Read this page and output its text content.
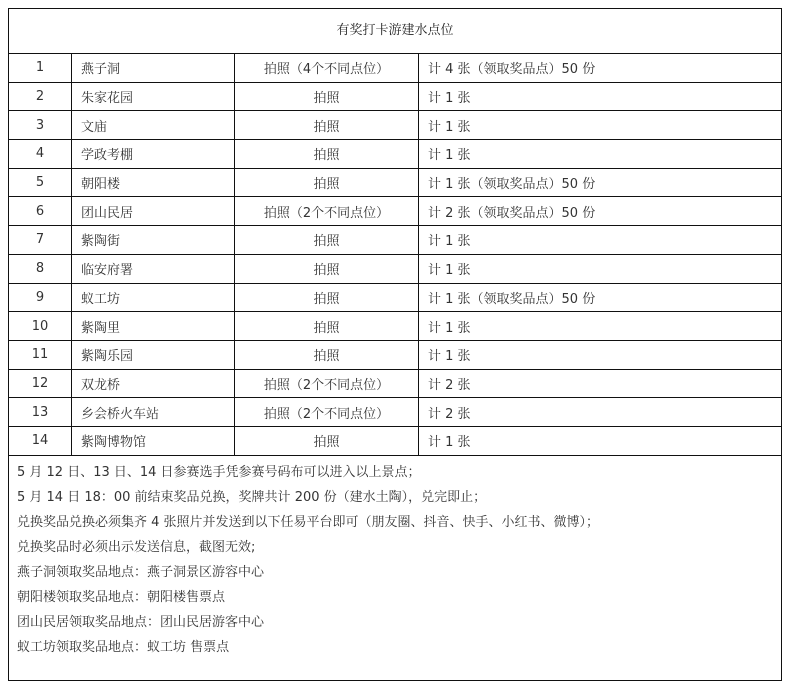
有奖打卡游建水点位
1	燕子洞	拍照（4个不同点位）	计 4 张（领取奖品点）50 份
2	朱家花园	拍照	计 1 张
3	文庙	拍照	计 1 张
4	学政考棚	拍照	计 1 张
5	朝阳楼	拍照	计 1 张（领取奖品点）50 份
6	团山民居	拍照（2个不同点位）	计 2 张（领取奖品点）50 份
7	紫陶街	拍照	计 1 张
8	临安府署	拍照	计 1 张
9	蚁工坊	拍照	计 1 张（领取奖品点）50 份
10	紫陶里	拍照	计 1 张
11	紫陶乐园	拍照	计 1 张
12	双龙桥	拍照（2个不同点位）	计 2 张
13	乡会桥火车站	拍照（2个不同点位）	计 2 张
14	紫陶博物馆	拍照	计 1 张
5 月 12 日、13 日、14 日参赛选手凭参赛号码布可以进入以上景点；
5 月 14 日 18：00 前结束奖品兑换，奖牌共计 200 份（建水土陶），兑完即止；
兑换奖品兑换必须集齐 4 张照片并发送到以下任易平台即可（朋友圈、抖音、快手、小红书、微博）；
兑换奖品时必须出示发送信息，截图无效;
燕子洞领取奖品地点：燕子洞景区游容中心
朝阳楼领取奖品地点：朝阳楼售票点
团山民居领取奖品地点：团山民居游客中心
蚁工坊领取奖品地点：蚁工坊 售票点
